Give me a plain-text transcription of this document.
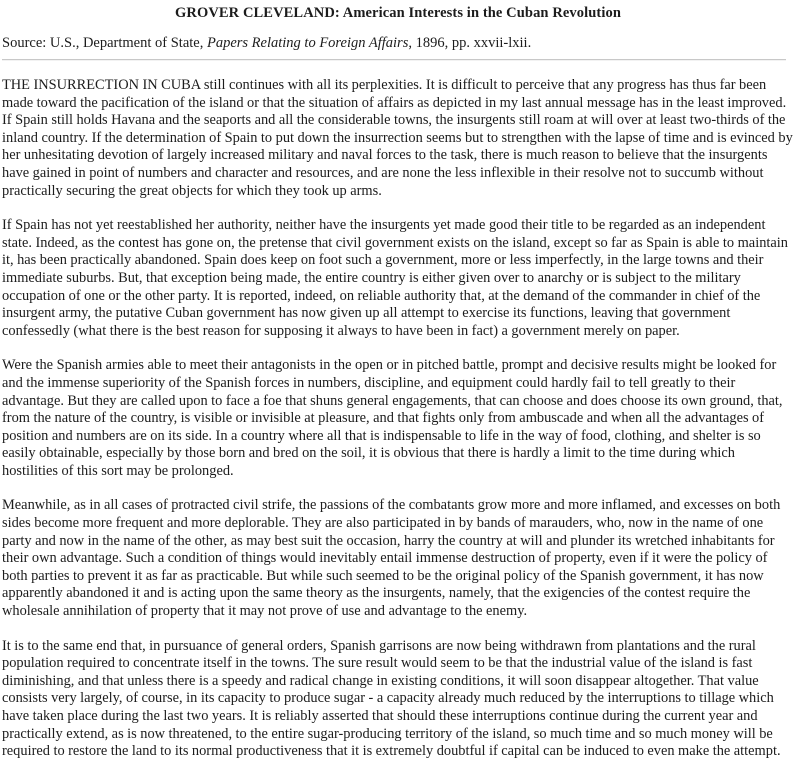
GROVER CLEVELAND: American Interests in the Cuban Revolution

Source: U.S., Department of State, Papers Relating to Foreign Affairs, 1896, pp. xxvii-lxii.

THE INSURRECTION IN CUBA still continues with all its perplexities. It is difficult to perceive that any progress has thus far been made toward the pacification of the island or that the situation of affairs as depicted in my last annual message has in the least improved. If Spain still holds Havana and the seaports and all the considerable towns, the insurgents still roam at will over at least two-thirds of the inland country. If the determination of Spain to put down the insurrection seems but to strengthen with the lapse of time and is evinced by her unhesitating devotion of largely increased military and naval forces to the task, there is much reason to believe that the insurgents have gained in point of numbers and character and resources, and are none the less inflexible in their resolve not to succumb without practically securing the great objects for which they took up arms.

If Spain has not yet reestablished her authority, neither have the insurgents yet made good their title to be regarded as an independent state. Indeed, as the contest has gone on, the pretense that civil government exists on the island, except so far as Spain is able to maintain it, has been practically abandoned. Spain does keep on foot such a government, more or less imperfectly, in the large towns and their immediate suburbs. But, that exception being made, the entire country is either given over to anarchy or is subject to the military occupation of one or the other party. It is reported, indeed, on reliable authority that, at the demand of the commander in chief of the insurgent army, the putative Cuban government has now given up all attempt to exercise its functions, leaving that government confessedly (what there is the best reason for supposing it always to have been in fact) a government merely on paper.

Were the Spanish armies able to meet their antagonists in the open or in pitched battle, prompt and decisive results might be looked for and the immense superiority of the Spanish forces in numbers, discipline, and equipment could hardly fail to tell greatly to their advantage. But they are called upon to face a foe that shuns general engagements, that can choose and does choose its own ground, that, from the nature of the country, is visible or invisible at pleasure, and that fights only from ambuscade and when all the advantages of position and numbers are on its side. In a country where all that is indispensable to life in the way of food, clothing, and shelter is so easily obtainable, especially by those born and bred on the soil, it is obvious that there is hardly a limit to the time during which hostilities of this sort may be prolonged.

Meanwhile, as in all cases of protracted civil strife, the passions of the combatants grow more and more inflamed, and excesses on both sides become more frequent and more deplorable. They are also participated in by bands of marauders, who, now in the name of one party and now in the name of the other, as may best suit the occasion, harry the country at will and plunder its wretched inhabitants for their own advantage. Such a condition of things would inevitably entail immense destruction of property, even if it were the policy of both parties to prevent it as far as practicable. But while such seemed to be the original policy of the Spanish government, it has now apparently abandoned it and is acting upon the same theory as the insurgents, namely, that the exigencies of the contest require the wholesale annihilation of property that it may not prove of use and advantage to the enemy.

It is to the same end that, in pursuance of general orders, Spanish garrisons are now being withdrawn from plantations and the rural population required to concentrate itself in the towns. The sure result would seem to be that the industrial value of the island is fast diminishing, and that unless there is a speedy and radical change in existing conditions, it will soon disappear altogether. That value consists very largely, of course, in its capacity to produce sugar - a capacity already much reduced by the interruptions to tillage which have taken place during the last two years. It is reliably asserted that should these interruptions continue during the current year and practically extend, as is now threatened, to the entire sugar-producing territory of the island, so much time and so much money will be required to restore the land to its normal productiveness that it is extremely doubtful if capital can be induced to even make the attempt.
